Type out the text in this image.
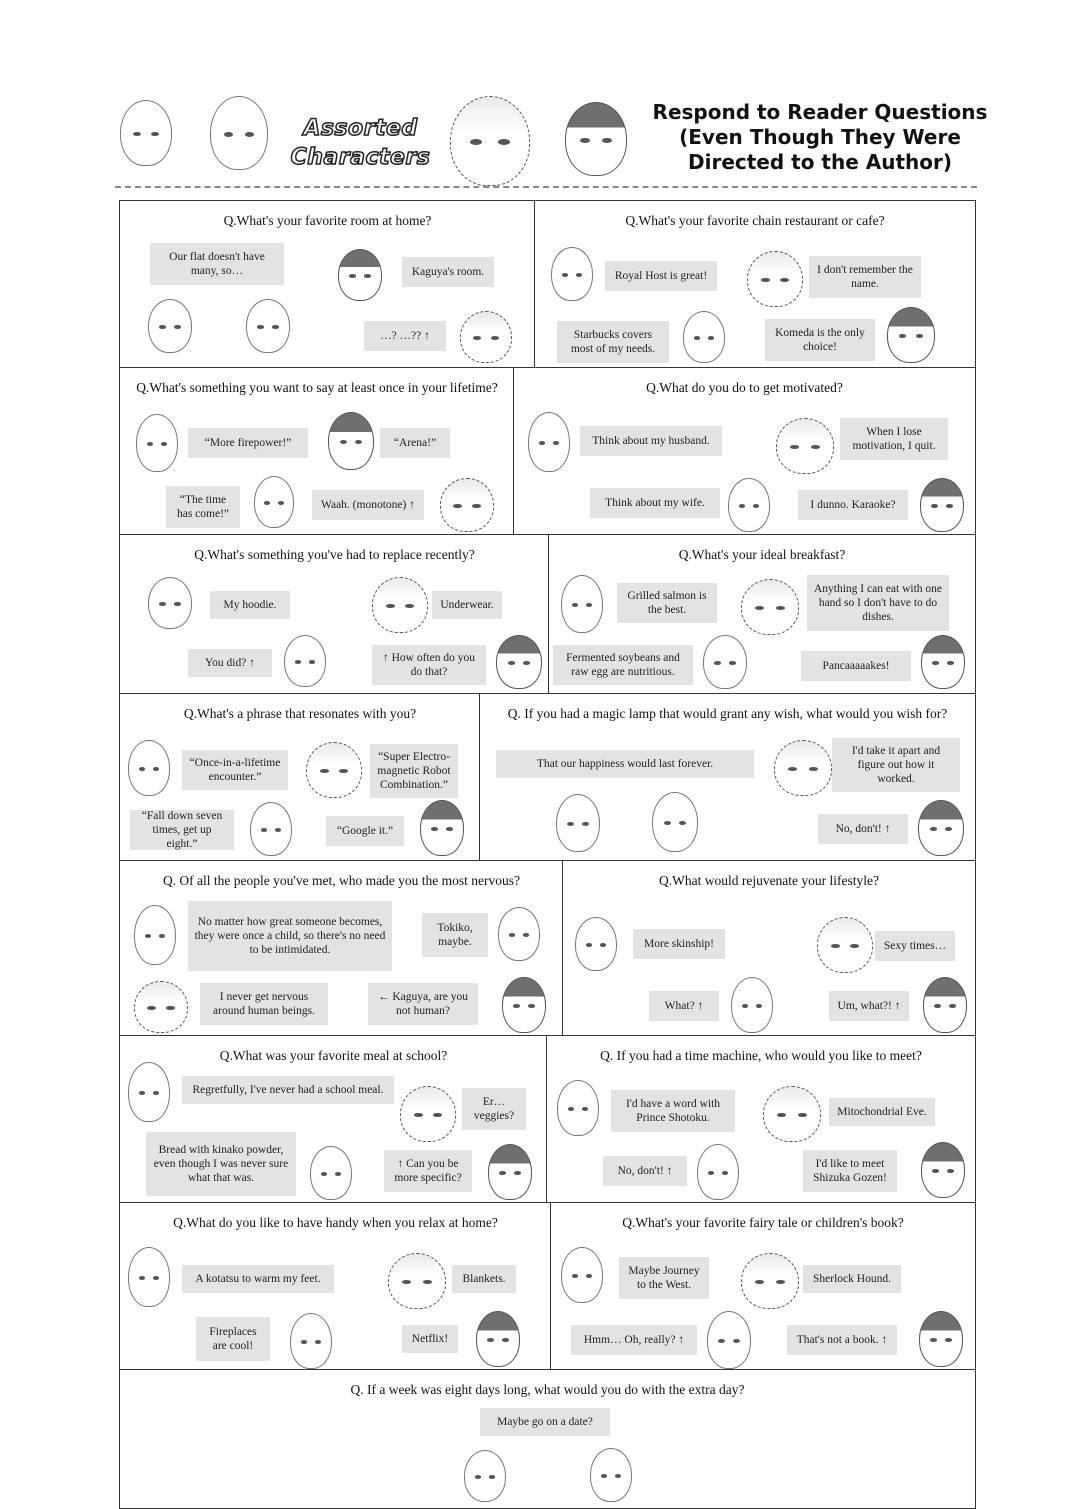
Assorted
Characters
Respond to Reader Questions
(Even Though They Were
Directed to the Author)
Q.What's your favorite room at home?
Our flat doesn't have many, so…	Kaguya's room.
…? …?? ↑
Q.What's your favorite chain restaurant or cafe?
Royal Host is great!	I don't remember the name.
Starbucks covers most of my needs.
Komeda is the only choice!
Q.What's something you want to say at least once in your lifetime?
“More firepower!”	“Arena!”
“The time has come!”
Waah. (monotone) ↑
Q.What do you do to get motivated?
Think about my husband.
When I lose motivation, I quit.
Think about my wife.	I dunno. Karaoke?
Q.What's something you've had to replace recently?
My hoodie.	Underwear.
You did? ↑	↑ How often do you do that?
Q.What's your ideal breakfast?
Grilled salmon is the best.
Anything I can eat with one hand so I don't have to do dishes.
Fermented soybeans and raw egg are nutritious.	Pancaaaaakes!
Q.What's a phrase that resonates with you?
“Once-in-a-lifetime encounter.”
“Super Electro-magnetic Robot Combination.”
“Fall down seven times, get up eight.”
“Google it.”
Q. If you had a magic lamp that would grant any wish, what would you wish for?
That our happiness would last forever.
I'd take it apart and figure out how it worked.
No, don't! ↑
Q. Of all the people you've met, who made you the most nervous?
No matter how great someone becomes, they were once a child, so there's no need to be intimidated.
Tokiko, maybe.
I never get nervous around human beings.
← Kaguya, are you not human?
Q.What would rejuvenate your lifestyle?
More skinship!	Sexy times…
What? ↑	Um, what?! ↑
Q.What was your favorite meal at school?
Regretfully, I've never had a school meal.
Er… veggies?
Bread with kinako powder, even though I was never sure what that was.
↑ Can you be more specific?
Q. If you had a time machine, who would you like to meet?
I'd have a word with Prince Shotoku.	Mitochondrial Eve.
No, don't! ↑
I'd like to meet Shizuka Gozen!
Q.What do you like to have handy when you relax at home?
A kotatsu to warm my feet.	Blankets.
Fireplaces are cool!
Netflix!
Q.What's your favorite fairy tale or children's book?
Maybe Journey to the West.	Sherlock Hound.
Hmm… Oh, really? ↑	That's not a book. ↑
Q. If a week was eight days long, what would you do with the extra day?
Maybe go on a date?
